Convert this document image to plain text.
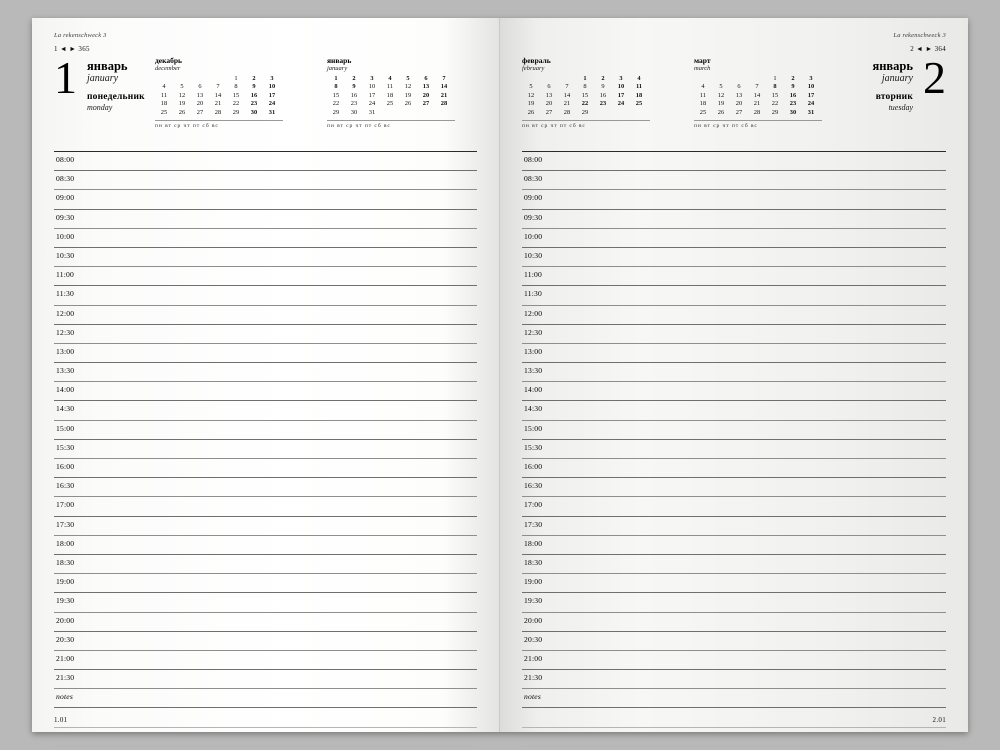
La rekenschweck 3
1 ◄ ► 365
1 январь
january
понедельник
monday
декабрь
december
				1	2	3
4	5	6	7	8	9	10
11	12	13	14	15	16	17
18	19	20	21	22	23	24
25	26	27	28	29	30	31
пн вт ср чт пт сб вс
январь
january
1	2	3	4	5	6	7
8	9	10	11	12	13	14
15	16	17	18	19	20	21
22	23	24	25	26	27	28
29	30	31				
пн вт ср чт пт сб вс
08:00
08:30
09:00
09:30
10:00
10:30
11:00
11:30
12:00
12:30
13:00
13:30
14:00
14:30
15:00
15:30
16:00
16:30
17:00
17:30
18:00
18:30
19:00
19:30
20:00
20:30
21:00
21:30
notes
1.01
La rekenschweck 3
2 ◄ ► 364
2
январь
january
вторник
tuesday
февраль
february
			1	2	3	4
5	6	7	8	9	10	11
12	13	14	15	16	17	18
19	20	21	22	23	24	25
26	27	28	29			
пн вт ср чт пт сб вс
март
march
				1	2	3
4	5	6	7	8	9	10
11	12	13	14	15	16	17
18	19	20	21	22	23	24
25	26	27	28	29	30	31
пн вт ср чт пт сб вс
08:00
08:30
09:00
09:30
10:00
10:30
11:00
11:30
12:00
12:30
13:00
13:30
14:00
14:30
15:00
15:30
16:00
16:30
17:00
17:30
18:00
18:30
19:00
19:30
20:00
20:30
21:00
21:30
notes
2.01
